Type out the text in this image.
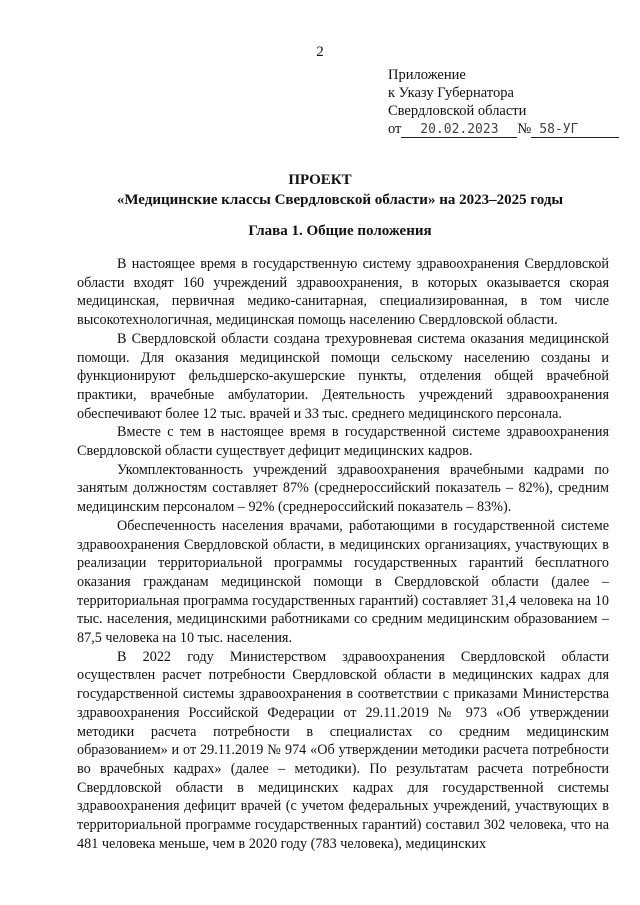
2
Приложение
к Указу Губернатора
Свердловской области
от 20.02.2023 № 58-УГ
ПРОЕКТ
«Медицинские классы Свердловской области» на 2023–2025 годы
Глава 1. Общие положения

В настоящее время в государственную систему здравоохранения Свердловской области входят 160 учреждений здравоохранения, в которых оказывается скорая медицинская, первичная медико-санитарная, специализированная, в том числе высокотехнологичная, медицинская помощь населению Свердловской области.

В Свердловской области создана трехуровневая система оказания медицинской помощи. Для оказания медицинской помощи сельскому населению созданы и функционируют фельдшерско-акушерские пункты, отделения общей врачебной практики, врачебные амбулатории. Деятельность учреждений здравоохранения обеспечивают более 12 тыс. врачей и 33 тыс. среднего медицинского персонала.

Вместе с тем в настоящее время в государственной системе здравоохранения Свердловской области существует дефицит медицинских кадров.

Укомплектованность учреждений здравоохранения врачебными кадрами по занятым должностям составляет 87% (среднероссийский показатель – 82%), средним медицинским персоналом – 92% (среднероссийский показатель – 83%).

Обеспеченность населения врачами, работающими в государственной системе здравоохранения Свердловской области, в медицинских организациях, участвующих в реализации территориальной программы государственных гарантий бесплатного оказания гражданам медицинской помощи в Свердловской области (далее – территориальная программа государственных гарантий) составляет 31,4 человека на 10 тыс. населения, медицинскими работниками со средним медицинским образованием – 87,5 человека на 10 тыс. населения.

В 2022 году Министерством здравоохранения Свердловской области осуществлен расчет потребности Свердловской области в медицинских кадрах для государственной системы здравоохранения в соответствии с приказами Министерства здравоохранения Российской Федерации от 29.11.2019 № 973 «Об утверждении методики расчета потребности в специалистах со средним медицинским образованием» и от 29.11.2019 № 974 «Об утверждении методики расчета потребности во врачебных кадрах» (далее – методики). По результатам расчета потребности Свердловской области в медицинских кадрах для государственной системы здравоохранения дефицит врачей (с учетом федеральных учреждений, участвующих в территориальной программе государственных гарантий) составил 302 человека, что на 481 человека меньше, чем в 2020 году (783 человека), медицинских
